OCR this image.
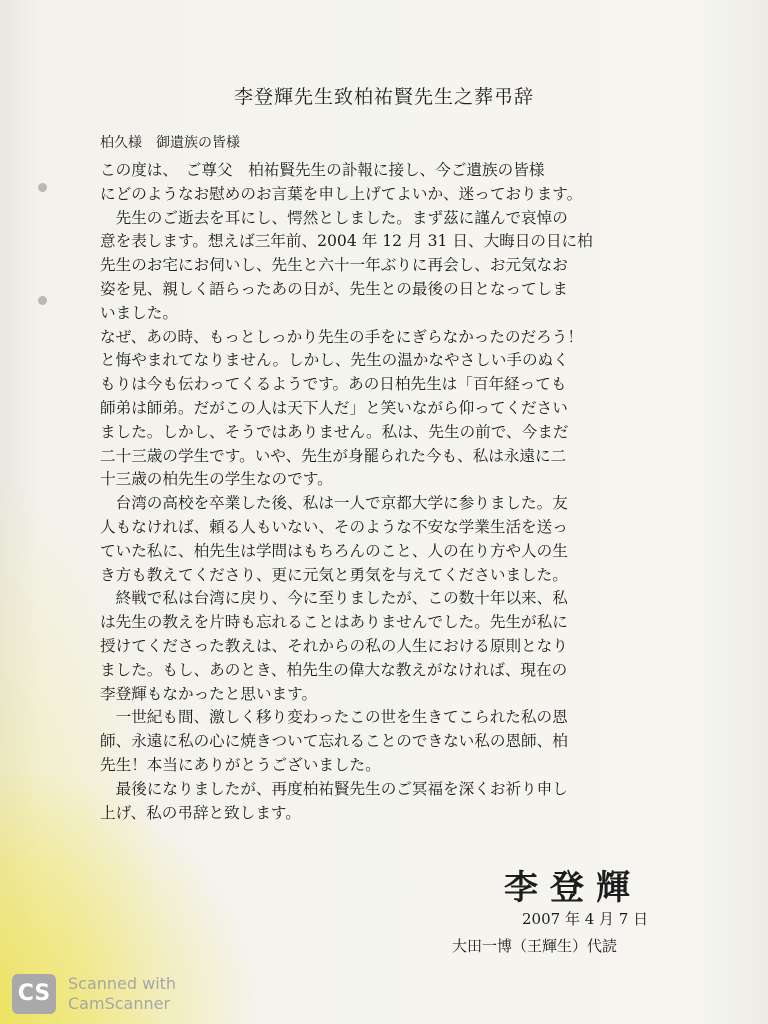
李登輝先生致柏祐賢先生之葬弔辞
柏久様　御遺族の皆様
この度は、　ご尊父　柏祐賢先生の訃報に接し、今ご遺族の皆様
にどのようなお慰めのお言葉を申し上げてよいか、迷っております。
　先生のご逝去を耳にし、愕然としました。まず茲に謹んで哀悼の
意を表します。想えば三年前、2004 年 12 月 31 日、大晦日の日に柏
先生のお宅にお伺いし、先生と六十一年ぶりに再会し、お元気なお
姿を見、親しく語らったあの日が、先生との最後の日となってしま
いました。
なぜ、あの時、もっとしっかり先生の手をにぎらなかったのだろう！
と悔やまれてなりません。しかし、先生の温かなやさしい手のぬく
もりは今も伝わってくるようです。あの日柏先生は「百年経っても
師弟は師弟。だがこの人は天下人だ」と笑いながら仰ってください
ました。しかし、そうではありません。私は、先生の前で、今まだ
二十三歳の学生です。いや、先生が身罷られた今も、私は永遠に二
十三歳の柏先生の学生なのです。
　台湾の高校を卒業した後、私は一人で京都大学に参りました。友
人もなければ、頼る人もいない、そのような不安な学業生活を送っ
ていた私に、柏先生は学問はもちろんのこと、人の在り方や人の生
き方も教えてくださり、更に元気と勇気を与えてくださいました。
　終戦で私は台湾に戻り、今に至りましたが、この数十年以来、私
は先生の教えを片時も忘れることはありませんでした。先生が私に
授けてくださった教えは、それからの私の人生における原則となり
ました。もし、あのとき、柏先生の偉大な教えがなければ、現在の
李登輝もなかったと思います。
　一世紀も間、激しく移り変わったこの世を生きてこられた私の恩
師、永遠に私の心に焼きついて忘れることのできない私の恩師、柏
先生！本当にありがとうございました。
　最後になりましたが、再度柏祐賢先生のご冥福を深くお祈り申し
上げ、私の弔辞と致します。
李登輝
2007 年 4 月 7 日
大田一博（王輝生）代読
CS	Scanned with
CamScanner
